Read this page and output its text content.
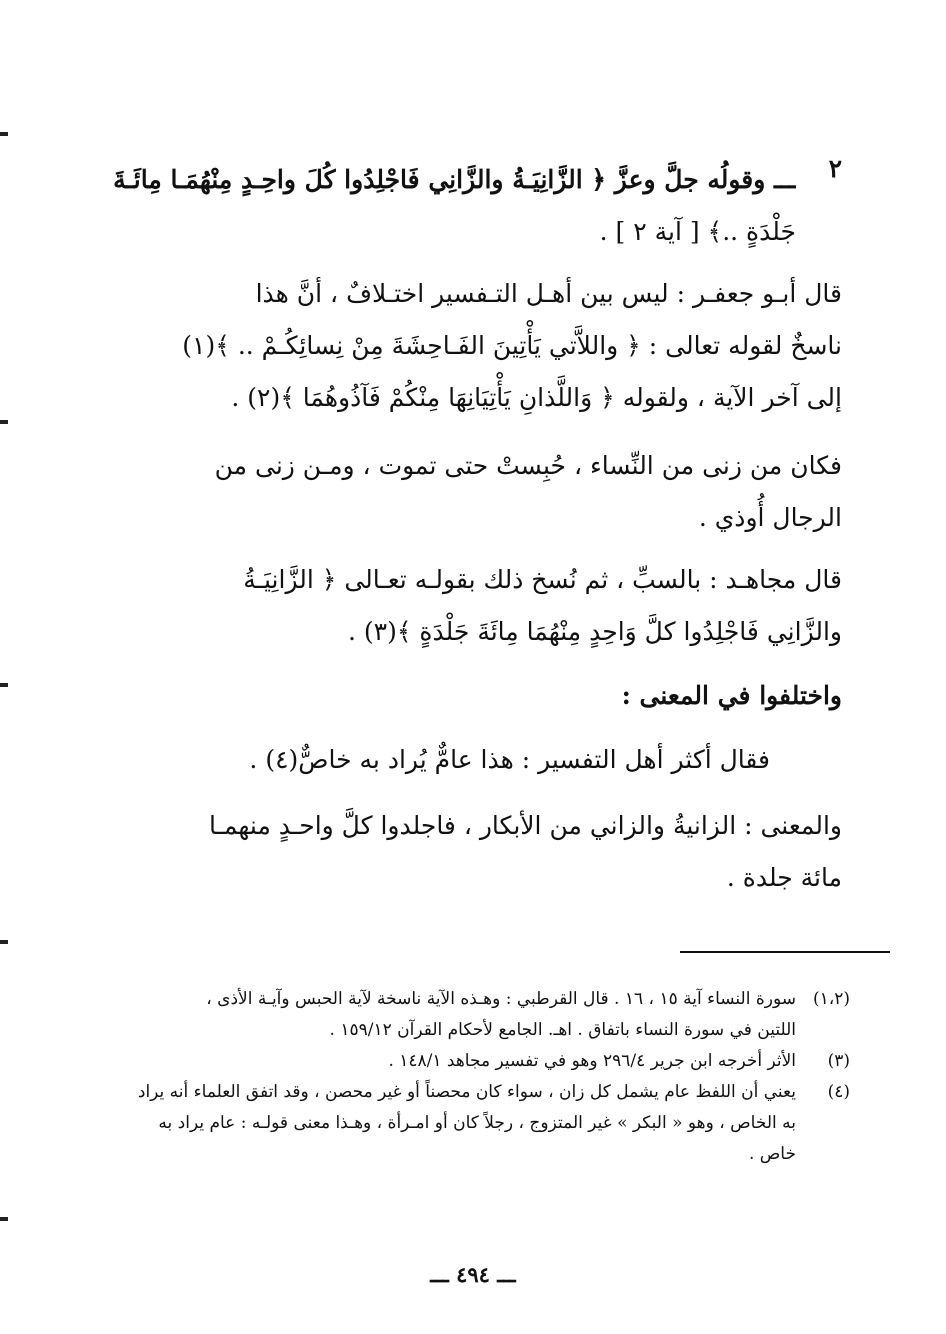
٢
ـــ وقولُه جلَّ وعزَّ ﴿ الزَّانِيَـةُ والزَّانِي فَاجْلِدُوا كُلَ واحِـدٍ مِنْهُمَـا مِائَـةَ
جَلْدَةٍ ..﴾ [ آية ٢ ] .
قال أبـو جعفـر : ليس بين أهـل التـفسير اختـلافٌ ، أنَّ هذا
ناسخٌ لقوله تعالى : ﴿ واللاَّتي يَأْتِينَ الفَـاحِشَةَ مِنْ نِسائِكُـمْ .. ﴾(١)
إلى آخر الآية ، ولقوله ﴿ وَاللَّذانِ يَأْتِيَانِهَا مِنْكُمْ فَآذُوهُمَا ﴾(٢) .
فكان من زنى من النِّساء ، حُبِستْ حتى تموت ، ومـن زنى من
الرجال أُوذي .
قال مجاهـد : بالسبِّ ، ثم نُسخ ذلك بقولـه تعـالى ﴿ الزَّانِيَـةُ
والزَّانِي فَاجْلِدُوا كلَّ وَاحِدٍ مِنْهُمَا مِائَةَ جَلْدَةٍ ﴾(٣) .
واختلفوا في المعنى :
فقال أكثر أهل التفسير : هذا عامٌّ يُراد به خاصٌّ(٤) .
والمعنى : الزانيةُ والزاني من الأبكار ، فاجلدوا كلَّ واحـدٍ منهمـا
مائة جلدة .
(١،٢)
سورة النساء آية ١٥ ، ١٦ . قال القرطبي : وهـذه الآية ناسخة لآية الحبس وآيـة الأذى ،
اللتين في سورة النساء باتفاق . اهـ. الجامع لأحكام القرآن ١٥٩/١٢ .
(٣)
الأثر أخرجه ابن جرير ٢٩٦/٤ وهو في تفسير مجاهد ١٤٨/١ .
(٤)
يعني أن اللفظ عام يشمل كل زان ، سواء كان محصناً أو غير محصن ، وقد اتفق العلماء أنه يراد
به الخاص ، وهو « البكر » غير المتزوج ، رجلاً كان أو امـرأة ، وهـذا معنى قولـه : عام يراد به
خاص .
ـــ ٤٩٤ ـــ
